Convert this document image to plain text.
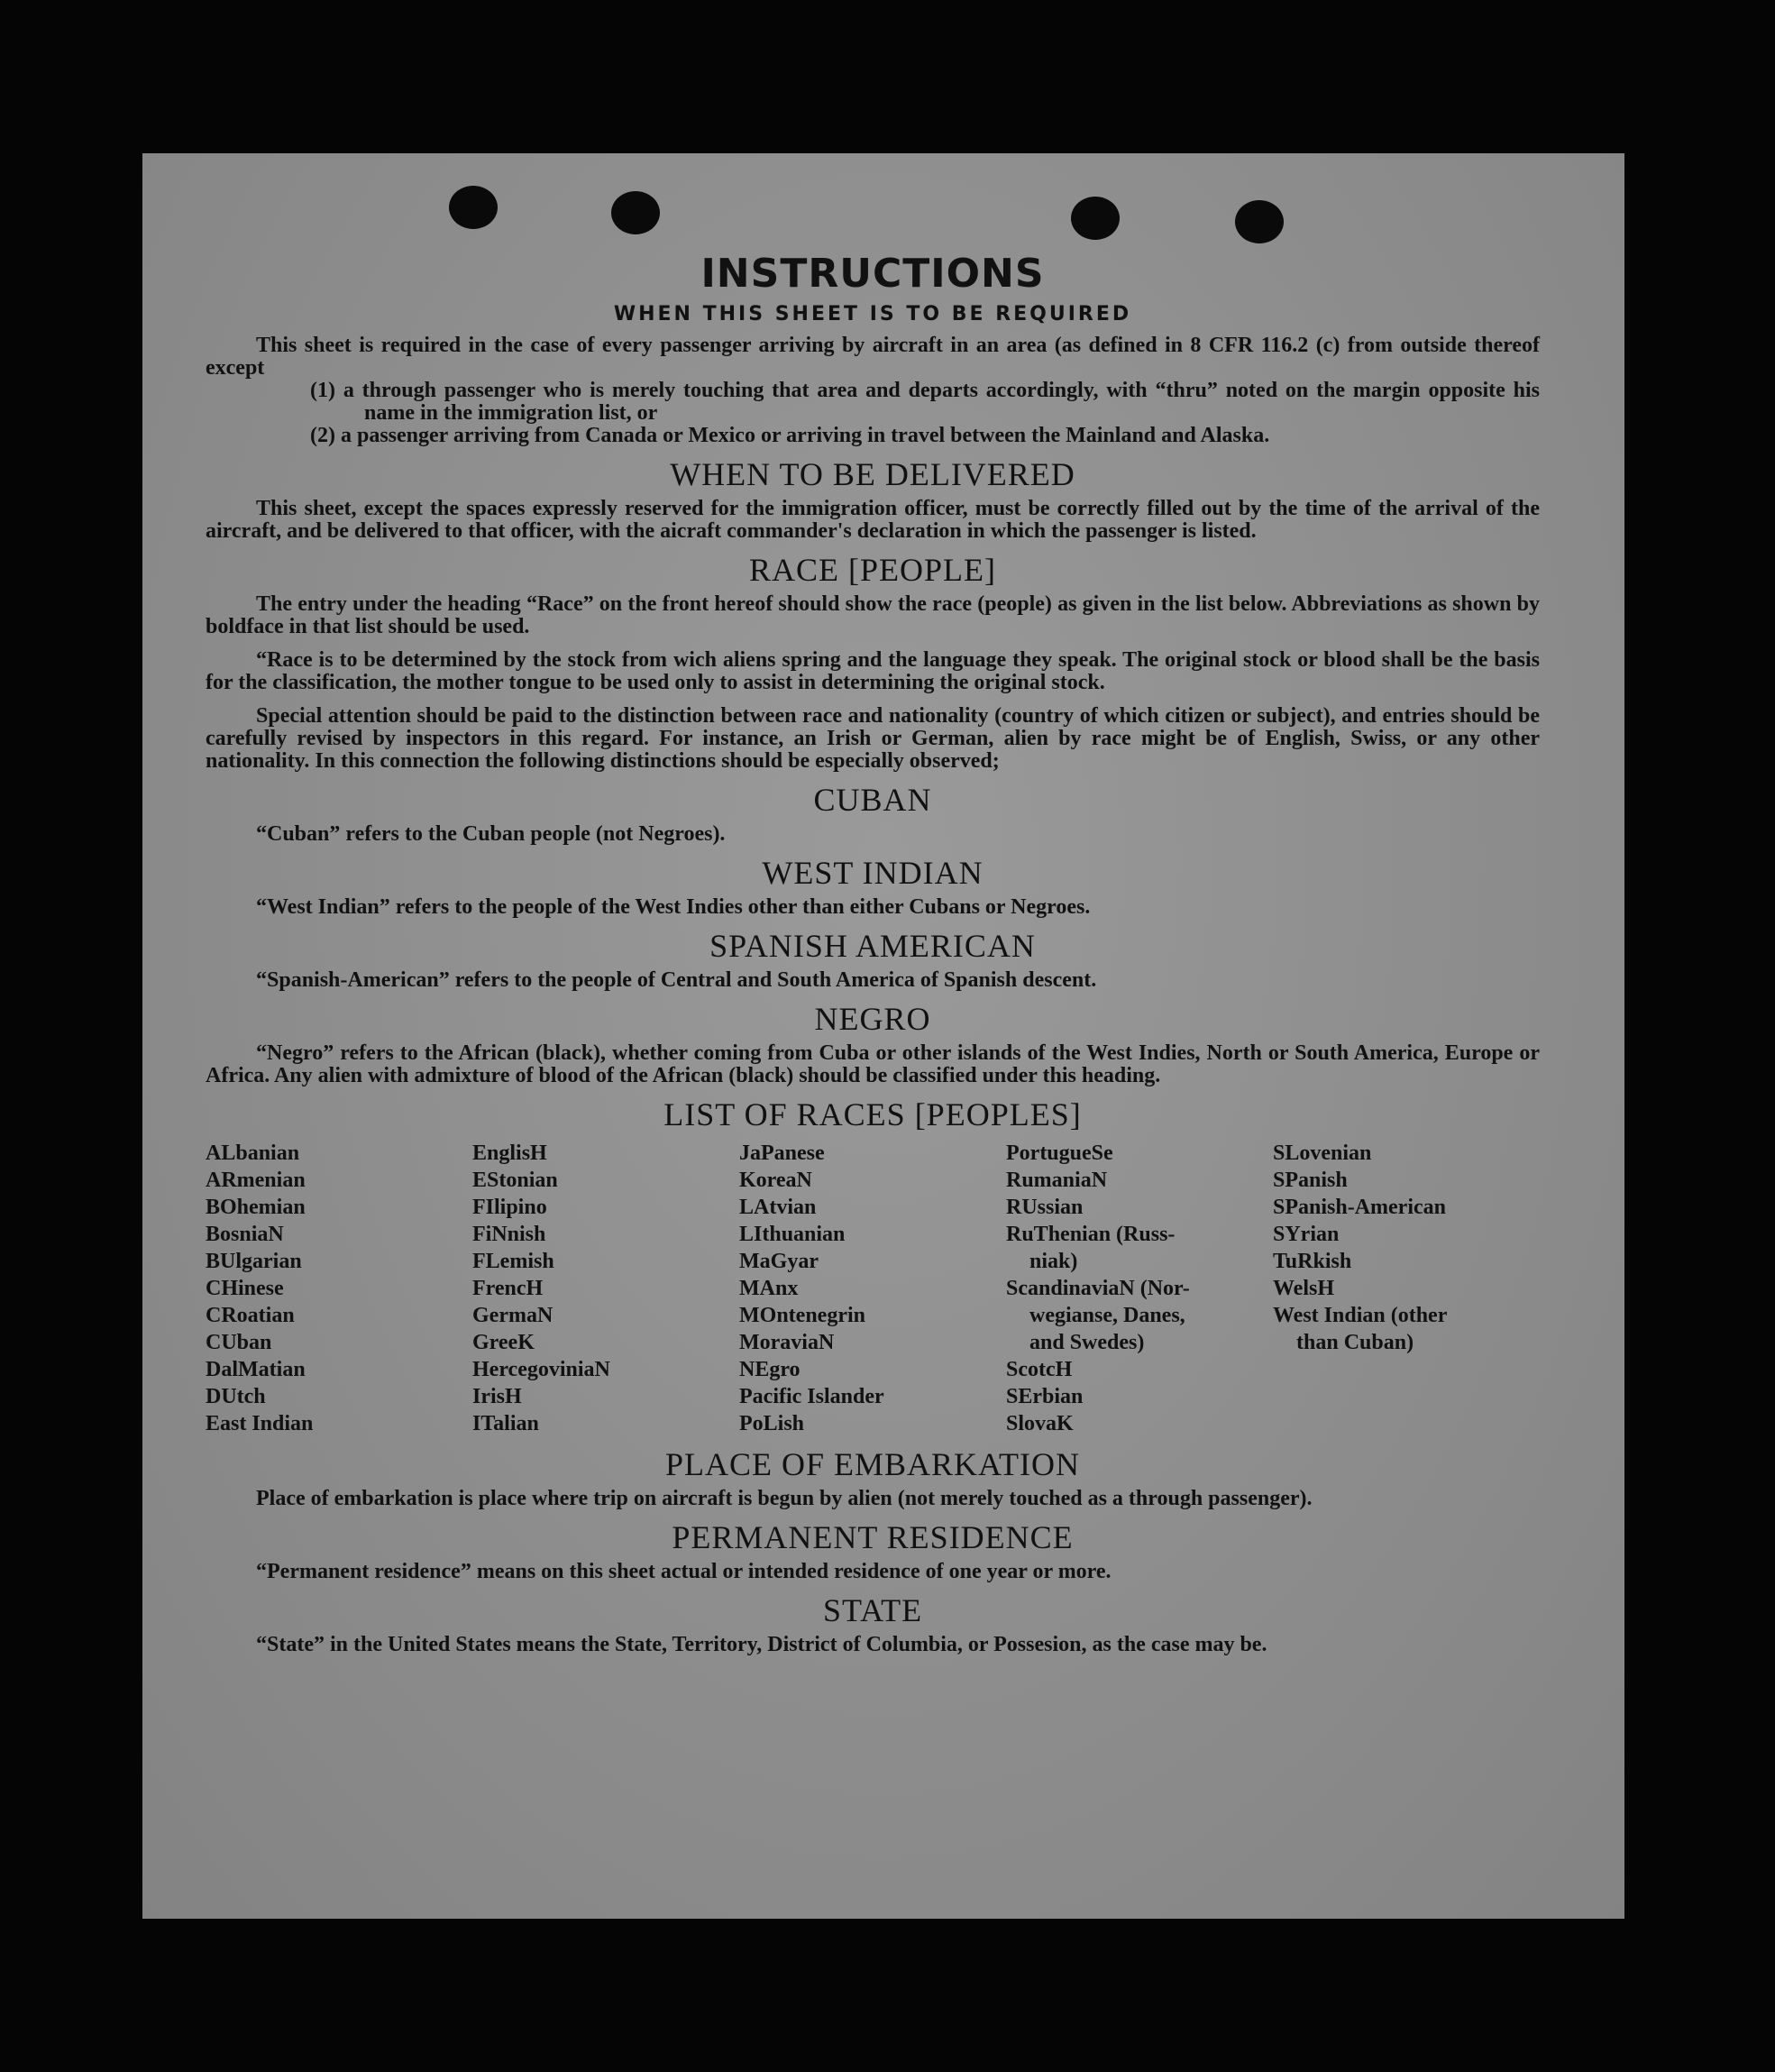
INSTRUCTIONS
WHEN THIS SHEET IS TO BE REQUIRED

This sheet is required in the case of every passenger arriving by aircraft in an area (as defined in 8 CFR 116.2 (c) from outside thereof except

(1) a through passenger who is merely touching that area and departs accordingly, with “thru” noted on the margin opposite his name in the immigration list, or
(2) a passenger arriving from Canada or Mexico or arriving in travel between the Mainland and Alaska.
WHEN TO BE DELIVERED

This sheet, except the spaces expressly reserved for the immigration officer, must be correctly filled out by the time of the arrival of the aircraft, and be delivered to that officer, with the aicraft commander's declaration in which the passenger is listed.

RACE [PEOPLE]

The entry under the heading “Race” on the front hereof should show the race (people) as given in the list below. Abbreviations as shown by boldface in that list should be used.

“Race is to be determined by the stock from wich aliens spring and the language they speak. The original stock or blood shall be the basis for the classification, the mother tongue to be used only to assist in determining the original stock.

Special attention should be paid to the distinction between race and nationality (country of which citizen or subject), and entries should be carefully revised by inspectors in this regard. For instance, an Irish or German, alien by race might be of English, Swiss, or any other nationality. In this connection the following distinctions should be especially observed;

CUBAN

“Cuban” refers to the Cuban people (not Negroes).

WEST INDIAN

“West Indian” refers to the people of the West Indies other than either Cubans or Negroes.

SPANISH AMERICAN

“Spanish-American” refers to the people of Central and South America of Spanish descent.

NEGRO

“Negro” refers to the African (black), whether coming from Cuba or other islands of the West Indies, North or South America, Europe or Africa. Any alien with admixture of blood of the African (black) should be classified under this heading.

LIST OF RACES [PEOPLES]
ALbanian
ARmenian
BOhemian
BosniaN
BUlgarian
CHinese
CRoatian
CUban
DalMatian
DUtch
East Indian
EnglisH
EStonian
FIlipino
FiNnish
FLemish
FrencH
GermaN
GreeK
HercegoviniaN
IrisH
ITalian
JaPanese
KoreaN
LAtvian
LIthuanian
MaGyar
MAnx
MOntenegrin
MoraviaN
NEgro
Pacific Islander
PoLish
PortugueSe
RumaniaN
RUssian
RuThenian (Russ-
niak)
ScandinaviaN (Nor-
wegianse, Danes,
and Swedes)
ScotcH
SErbian
SlovaK
SLovenian
SPanish
SPanish-American
SYrian
TuRkish
WelsH
West Indian (other
than Cuban)
PLACE OF EMBARKATION

Place of embarkation is place where trip on aircraft is begun by alien (not merely touched as a through passenger).

PERMANENT RESIDENCE

“Permanent residence” means on this sheet actual or intended residence of one year or more.

STATE

“State” in the United States means the State, Territory, District of Columbia, or Possesion, as the case may be.
